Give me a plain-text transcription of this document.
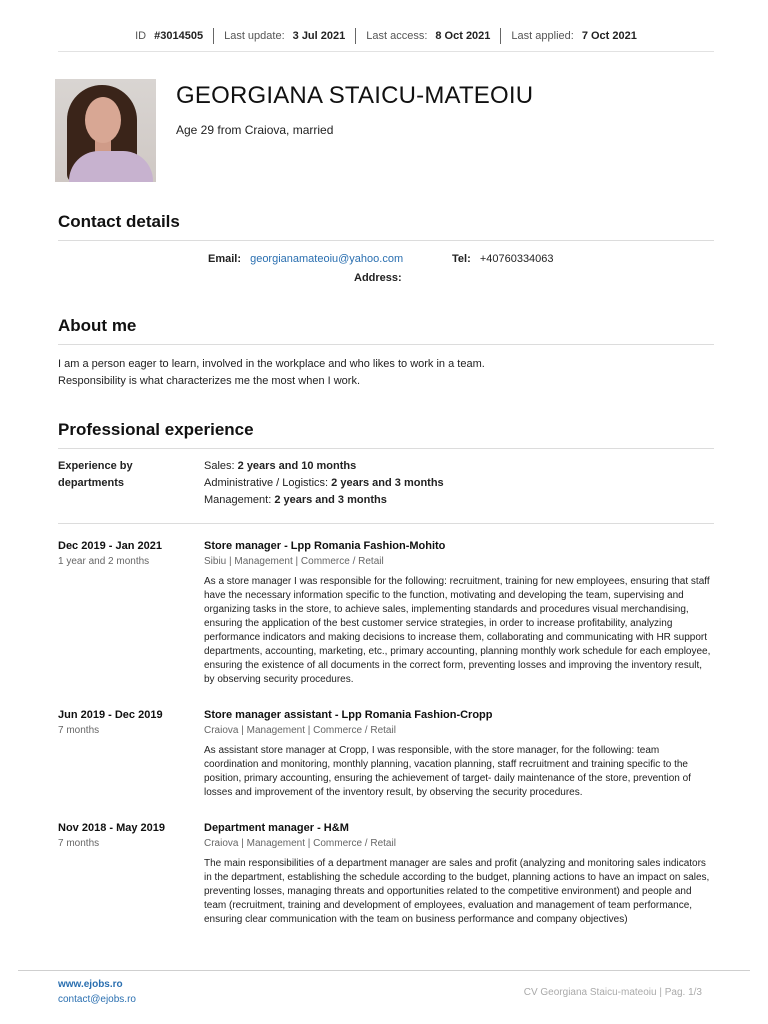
ID #3014505 Last update: 3 Jul 2021 Last access: 8 Oct 2021 Last applied: 7 Oct 2021
GEORGIANA STAICU-MATEOIU
Age 29 from Craiova, married
Contact details
Email: georgianamateoiu@yahoo.com	Tel: +40760334063
Address:
About me
I am a person eager to learn, involved in the workplace and who likes to work in a team.
Responsibility is what characterizes me the most when I work.
Professional experience
Experience by departments
Sales: 2 years and 10 months
Administrative / Logistics: 2 years and 3 months
Management: 2 years and 3 months
Dec 2019 - Jan 2021
1 year and 2 months
Store manager - Lpp Romania Fashion-Mohito
Sibiu | Management | Commerce / Retail
As a store manager I was responsible for the following: recruitment, training for new employees, ensuring that staff have the necessary information specific to the function, motivating and developing the team, supervising and organizing tasks in the store, to achieve sales, implementing standards and procedures visual merchandising, ensuring the application of the best customer service strategies, in order to increase profitability, analyzing performance indicators and making decisions to increase them, collaborating and communicating with HR support departments, accounting, marketing, etc., primary accounting, planning monthly work schedule for each employee, ensuring the existence of all documents in the correct form, preventing losses and improving the inventory result, by observing security procedures.
Jun 2019 - Dec 2019
7 months
Store manager assistant - Lpp Romania Fashion-Cropp
Craiova | Management | Commerce / Retail
As assistant store manager at Cropp, I was responsible, with the store manager, for the following: team coordination and monitoring, monthly planning, vacation planning, staff recruitment and training specific to the position, primary accounting, ensuring the achievement of target- daily maintenance of the store, prevention of losses and improvement of the inventory result, by observing the security procedures.
Nov 2018 - May 2019
7 months
Department manager - H&M
Craiova | Management | Commerce / Retail
The main responsibilities of a department manager are sales and profit (analyzing and monitoring sales indicators in the department, establishing the schedule according to the budget, planning actions to have an impact on sales, preventing losses, managing threats and opportunities related to the competitive environment) and people and team (recruitment, training and development of employees, evaluation and management of team performance, ensuring clear communication with the team on business performance and company objectives)
www.ejobs.ro
contact@ejobs.ro
CV Georgiana Staicu-mateoiu | Pag. 1/3
